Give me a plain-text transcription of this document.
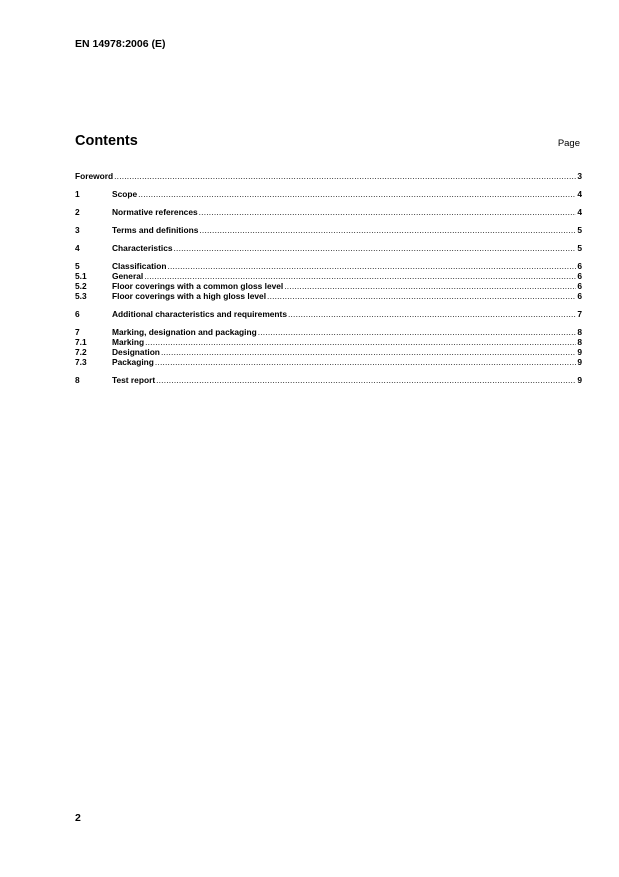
EN 14978:2006 (E)
Contents	Page
Foreword .....	3
1	Scope .....	4
2	Normative references .....	4
3	Terms and definitions .....	5
4	Characteristics .....	5
5	Classification .....	6
5.1	General .....	6
5.2	Floor coverings with a common gloss level .....	6
5.3	Floor coverings with a high gloss level .....	6
6	Additional characteristics and requirements .....	7
7	Marking, designation and packaging .....	8
7.1	Marking .....	8
7.2	Designation .....	9
7.3	Packaging .....	9
8	Test report .....	9
2
